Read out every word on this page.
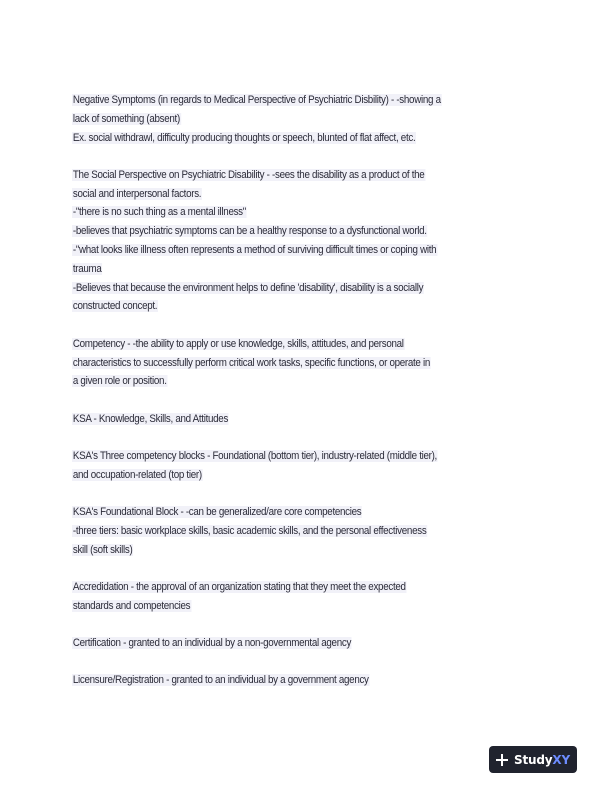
Negative Symptoms (in regards to Medical Perspective of Psychiatric Disbility) - -showing a
lack of something (absent)
Ex. social withdrawl, difficulty producing thoughts or speech, blunted of flat affect, etc.
The Social Perspective on Psychiatric Disability - -sees the disability as a product of the
social and interpersonal factors.
-"there is no such thing as a mental illness"
-believes that psychiatric symptoms can be a healthy response to a dysfunctional world.
-"what looks like illness often represents a method of surviving difficult times or coping with
trauma
-Believes that because the environment helps to define 'disability', disability is a socially
constructed concept.
Competency - -the ability to apply or use knowledge, skills, attitudes, and personal
characteristics to successfully perform critical work tasks, specific functions, or operate in
a given role or position.
KSA - Knowledge, Skills, and Attitudes
KSA's Three competency blocks - Foundational (bottom tier), industry-related (middle tier),
and occupation-related (top tier)
KSA's Foundational Block - -can be generalized/are core competencies
-three tiers: basic workplace skills, basic academic skills, and the personal effectiveness
skill (soft skills)
Accredidation - the approval of an organization stating that they meet the expected
standards and competencies
Certification - granted to an individual by a non-governmental agency
Licensure/Registration - granted to an individual by a government agency
StudyXY
